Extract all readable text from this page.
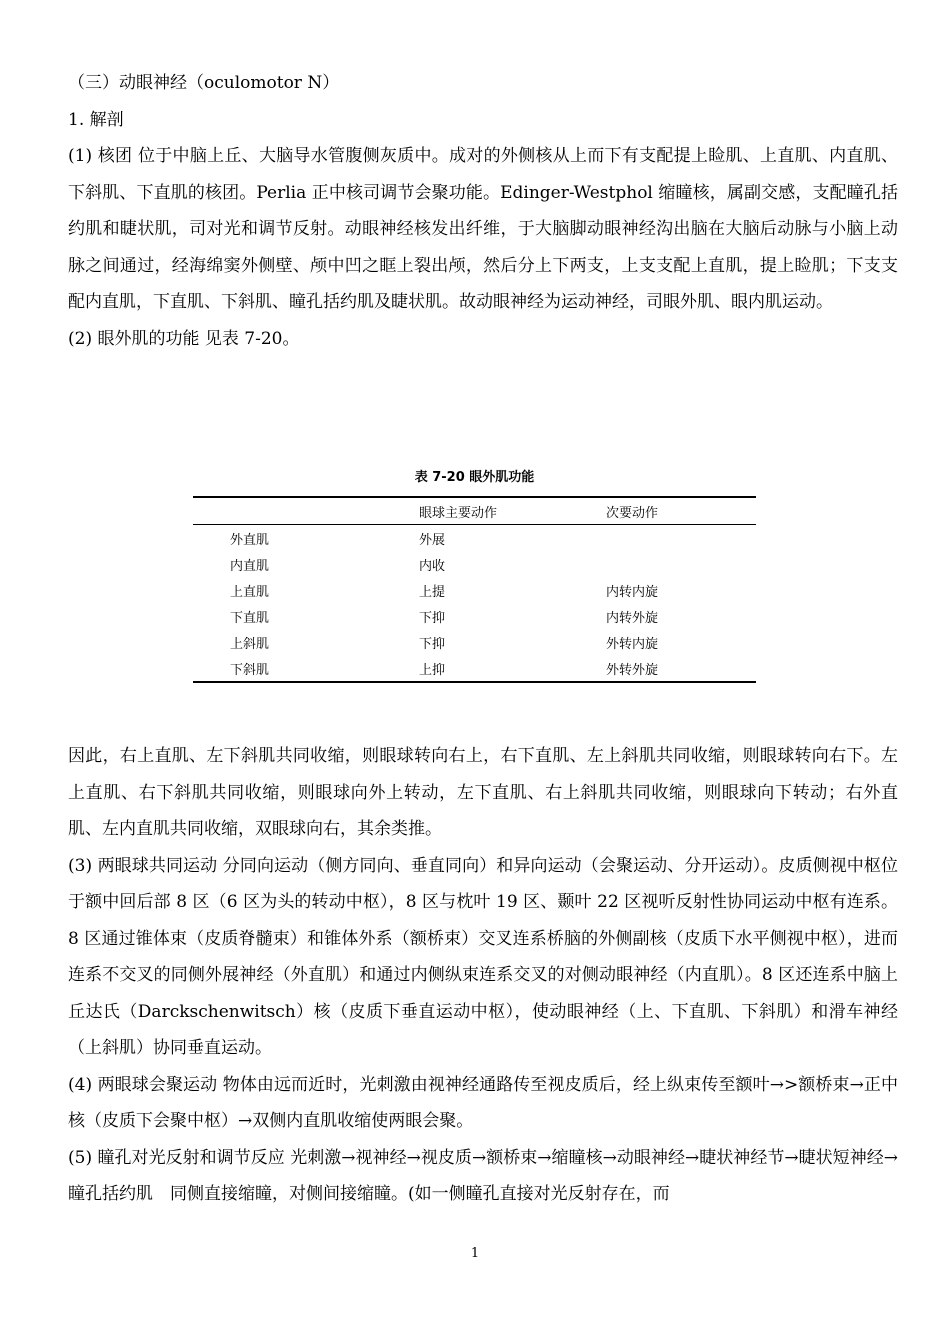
（三）动眼神经（oculomotor N）

1. 解剖

(1) 核团 位于中脑上丘、大脑导水管腹侧灰质中。成对的外侧核从上而下有支配提上睑肌、上直肌、内直肌、下斜肌、下直肌的核团。Perlia 正中核司调节会聚功能。Edinger-Westphol 缩瞳核，属副交感，支配瞳孔括约肌和睫状肌，司对光和调节反射。动眼神经核发出纤维，于大脑脚动眼神经沟出脑在大脑后动脉与小脑上动脉之间通过，经海绵窦外侧壁、颅中凹之眶上裂出颅，然后分上下两支，上支支配上直肌，提上睑肌；下支支配内直肌，下直肌、下斜肌、瞳孔括约肌及睫状肌。故动眼神经为运动神经，司眼外肌、眼内肌运动。

(2) 眼外肌的功能 见表 7-20。

表 7-20 眼外肌功能
	眼球主要动作	次要动作
外直肌	外展	
内直肌	内收	
上直肌	上提	内转内旋
下直肌	下抑	内转外旋
上斜肌	下抑	外转内旋
下斜肌	上抑	外转外旋

因此，右上直肌、左下斜肌共同收缩，则眼球转向右上，右下直肌、左上斜肌共同收缩，则眼球转向右下。左上直肌、右下斜肌共同收缩，则眼球向外上转动，左下直肌、右上斜肌共同收缩，则眼球向下转动；右外直肌、左内直肌共同收缩，双眼球向右，其余类推。

(3) 两眼球共同运动 分同向运动（侧方同向、垂直同向）和异向运动（会聚运动、分开运动）。皮质侧视中枢位于额中回后部 8 区（6 区为头的转动中枢），8 区与枕叶 19 区、颞叶 22 区视听反射性协同运动中枢有连系。8 区通过锥体束（皮质脊髓束）和锥体外系（额桥束）交叉连系桥脑的外侧副核（皮质下水平侧视中枢），进而连系不交叉的同侧外展神经（外直肌）和通过内侧纵束连系交叉的对侧动眼神经（内直肌）。8 区还连系中脑上丘达氏（Darckschenwitsch）核（皮质下垂直运动中枢），使动眼神经（上、下直肌、下斜肌）和滑车神经（上斜肌）协同垂直运动。

(4) 两眼球会聚运动 物体由远而近时，光刺激由视神经通路传至视皮质后，经上纵束传至额叶→>额桥束→正中核（皮质下会聚中枢）→双侧内直肌收缩使两眼会聚。

(5) 瞳孔对光反射和调节反应 光刺激→视神经→视皮质→额桥束→缩瞳核→动眼神经→睫状神经节→睫状短神经→瞳孔括约肌　同侧直接缩瞳，对侧间接缩瞳。(如一侧瞳孔直接对光反射存在，而

1
